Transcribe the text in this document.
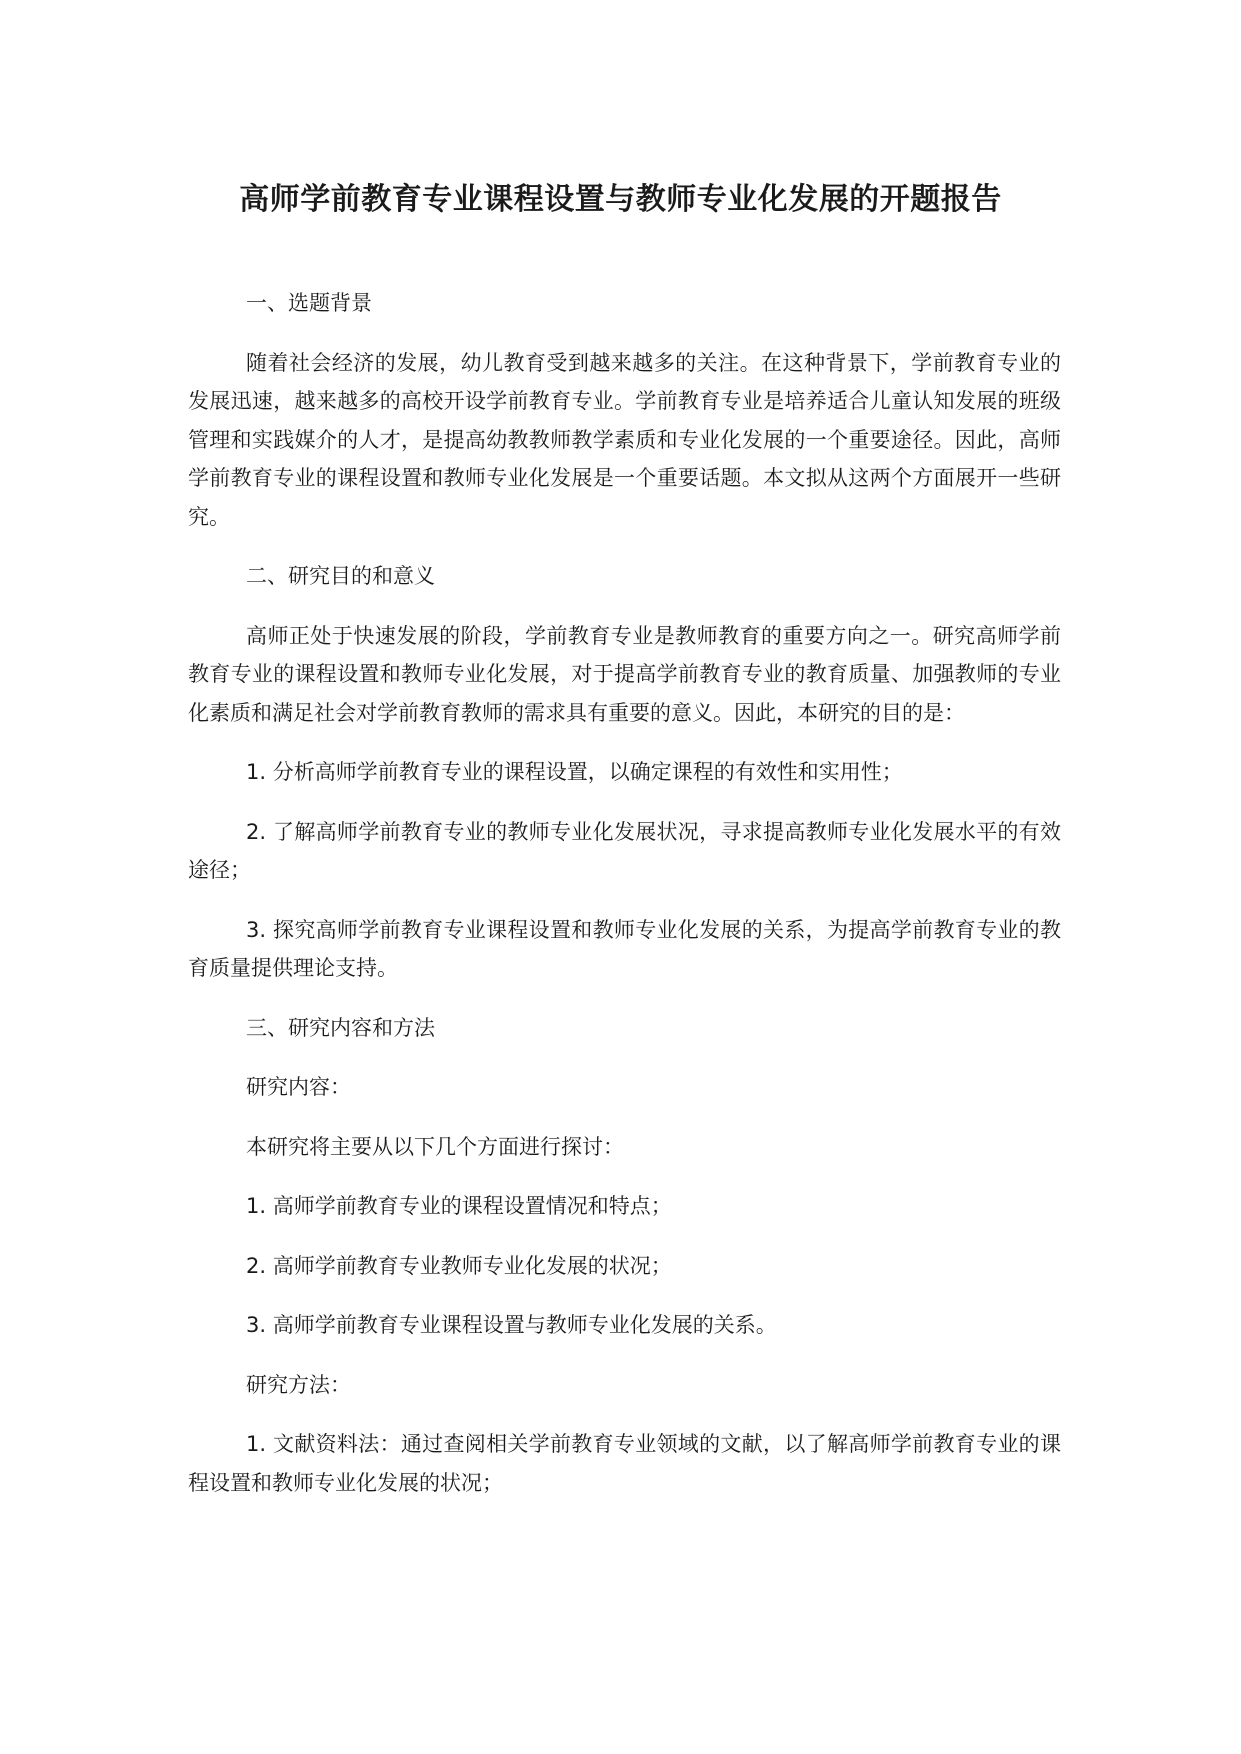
高师学前教育专业课程设置与教师专业化发展的开题报告

一、选题背景

随着社会经济的发展，幼儿教育受到越来越多的关注。在这种背景下，学前教育专业的发展迅速，越来越多的高校开设学前教育专业。学前教育专业是培养适合儿童认知发展的班级管理和实践媒介的人才，是提高幼教教师教学素质和专业化发展的一个重要途径。因此，高师学前教育专业的课程设置和教师专业化发展是一个重要话题。本文拟从这两个方面展开一些研究。

二、研究目的和意义

高师正处于快速发展的阶段，学前教育专业是教师教育的重要方向之一。研究高师学前教育专业的课程设置和教师专业化发展，对于提高学前教育专业的教育质量、加强教师的专业化素质和满足社会对学前教育教师的需求具有重要的意义。因此，本研究的目的是：

1. 分析高师学前教育专业的课程设置，以确定课程的有效性和实用性；

2. 了解高师学前教育专业的教师专业化发展状况，寻求提高教师专业化发展水平的有效途径；

3. 探究高师学前教育专业课程设置和教师专业化发展的关系，为提高学前教育专业的教育质量提供理论支持。

三、研究内容和方法

研究内容：

本研究将主要从以下几个方面进行探讨：

1. 高师学前教育专业的课程设置情况和特点；

2. 高师学前教育专业教师专业化发展的状况；

3. 高师学前教育专业课程设置与教师专业化发展的关系。

研究方法：

1. 文献资料法：通过查阅相关学前教育专业领域的文献，以了解高师学前教育专业的课程设置和教师专业化发展的状况；
